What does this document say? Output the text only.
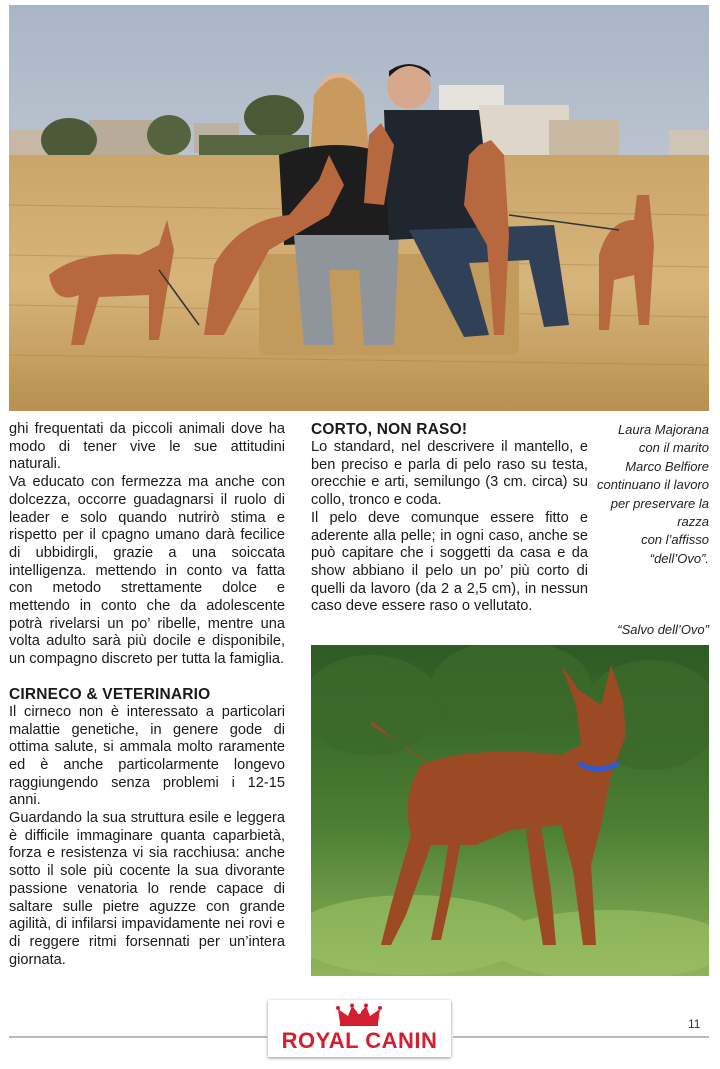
ghi frequentati da piccoli animali dove ha modo di tener vive le sue attitudini naturali.

Va educato con fermezza ma anche con dolcezza, occorre guadagnarsi il ruolo di leader e solo quando nutrirò stima e rispetto per il cpagno umano darà fecilice di ubbidirgli, grazie a una soiccata intelligenza. mettendo in conto va fatta con metodo strettamente dolce e mettendo in conto che da adolescente potrà rivelarsi un po’ ribelle, mentre una volta adulto sarà più docile e disponibile, un compagno discreto per tutta la famiglia.

CIRNECO & VETERINARIO

Il cirneco non è interessato a particolari malattie genetiche, in genere gode di ottima salute, si ammala molto raramente ed è anche particolarmente longevo raggiungendo senza problemi i 12-15 anni.

Guardando la sua struttura esile e leggera è difficile immaginare quanta caparbietà, forza e resistenza vi sia racchiusa: anche sotto il sole più cocente la sua divorante passione venatoria lo rende capace di saltare sulle pietre aguzze con grande agilità, di infilarsi impavidamente nei rovi e di reggere ritmi forsennati per un’intera giornata.

CORTO, NON RASO!

Lo standard, nel descrivere il mantello, e ben preciso e parla di pelo raso su testa, orecchie e arti, semilungo (3 cm. circa) su collo, tronco e coda.

Il pelo deve comunque essere fitto e aderente alla pelle; in ogni caso, anche se può capitare che i soggetti da casa e da show abbiano il pelo un po’ più corto di quelli da lavoro (da 2 a 2,5 cm), in nessun caso deve essere raso o vellutato.

Laura Majorana
con il marito
Marco Belfiore
continuano il lavoro
per preservare la
razza
con l’affisso
“dell’Ovo”.
“Salvo dell’Ovo”
ROYAL CANIN
11
